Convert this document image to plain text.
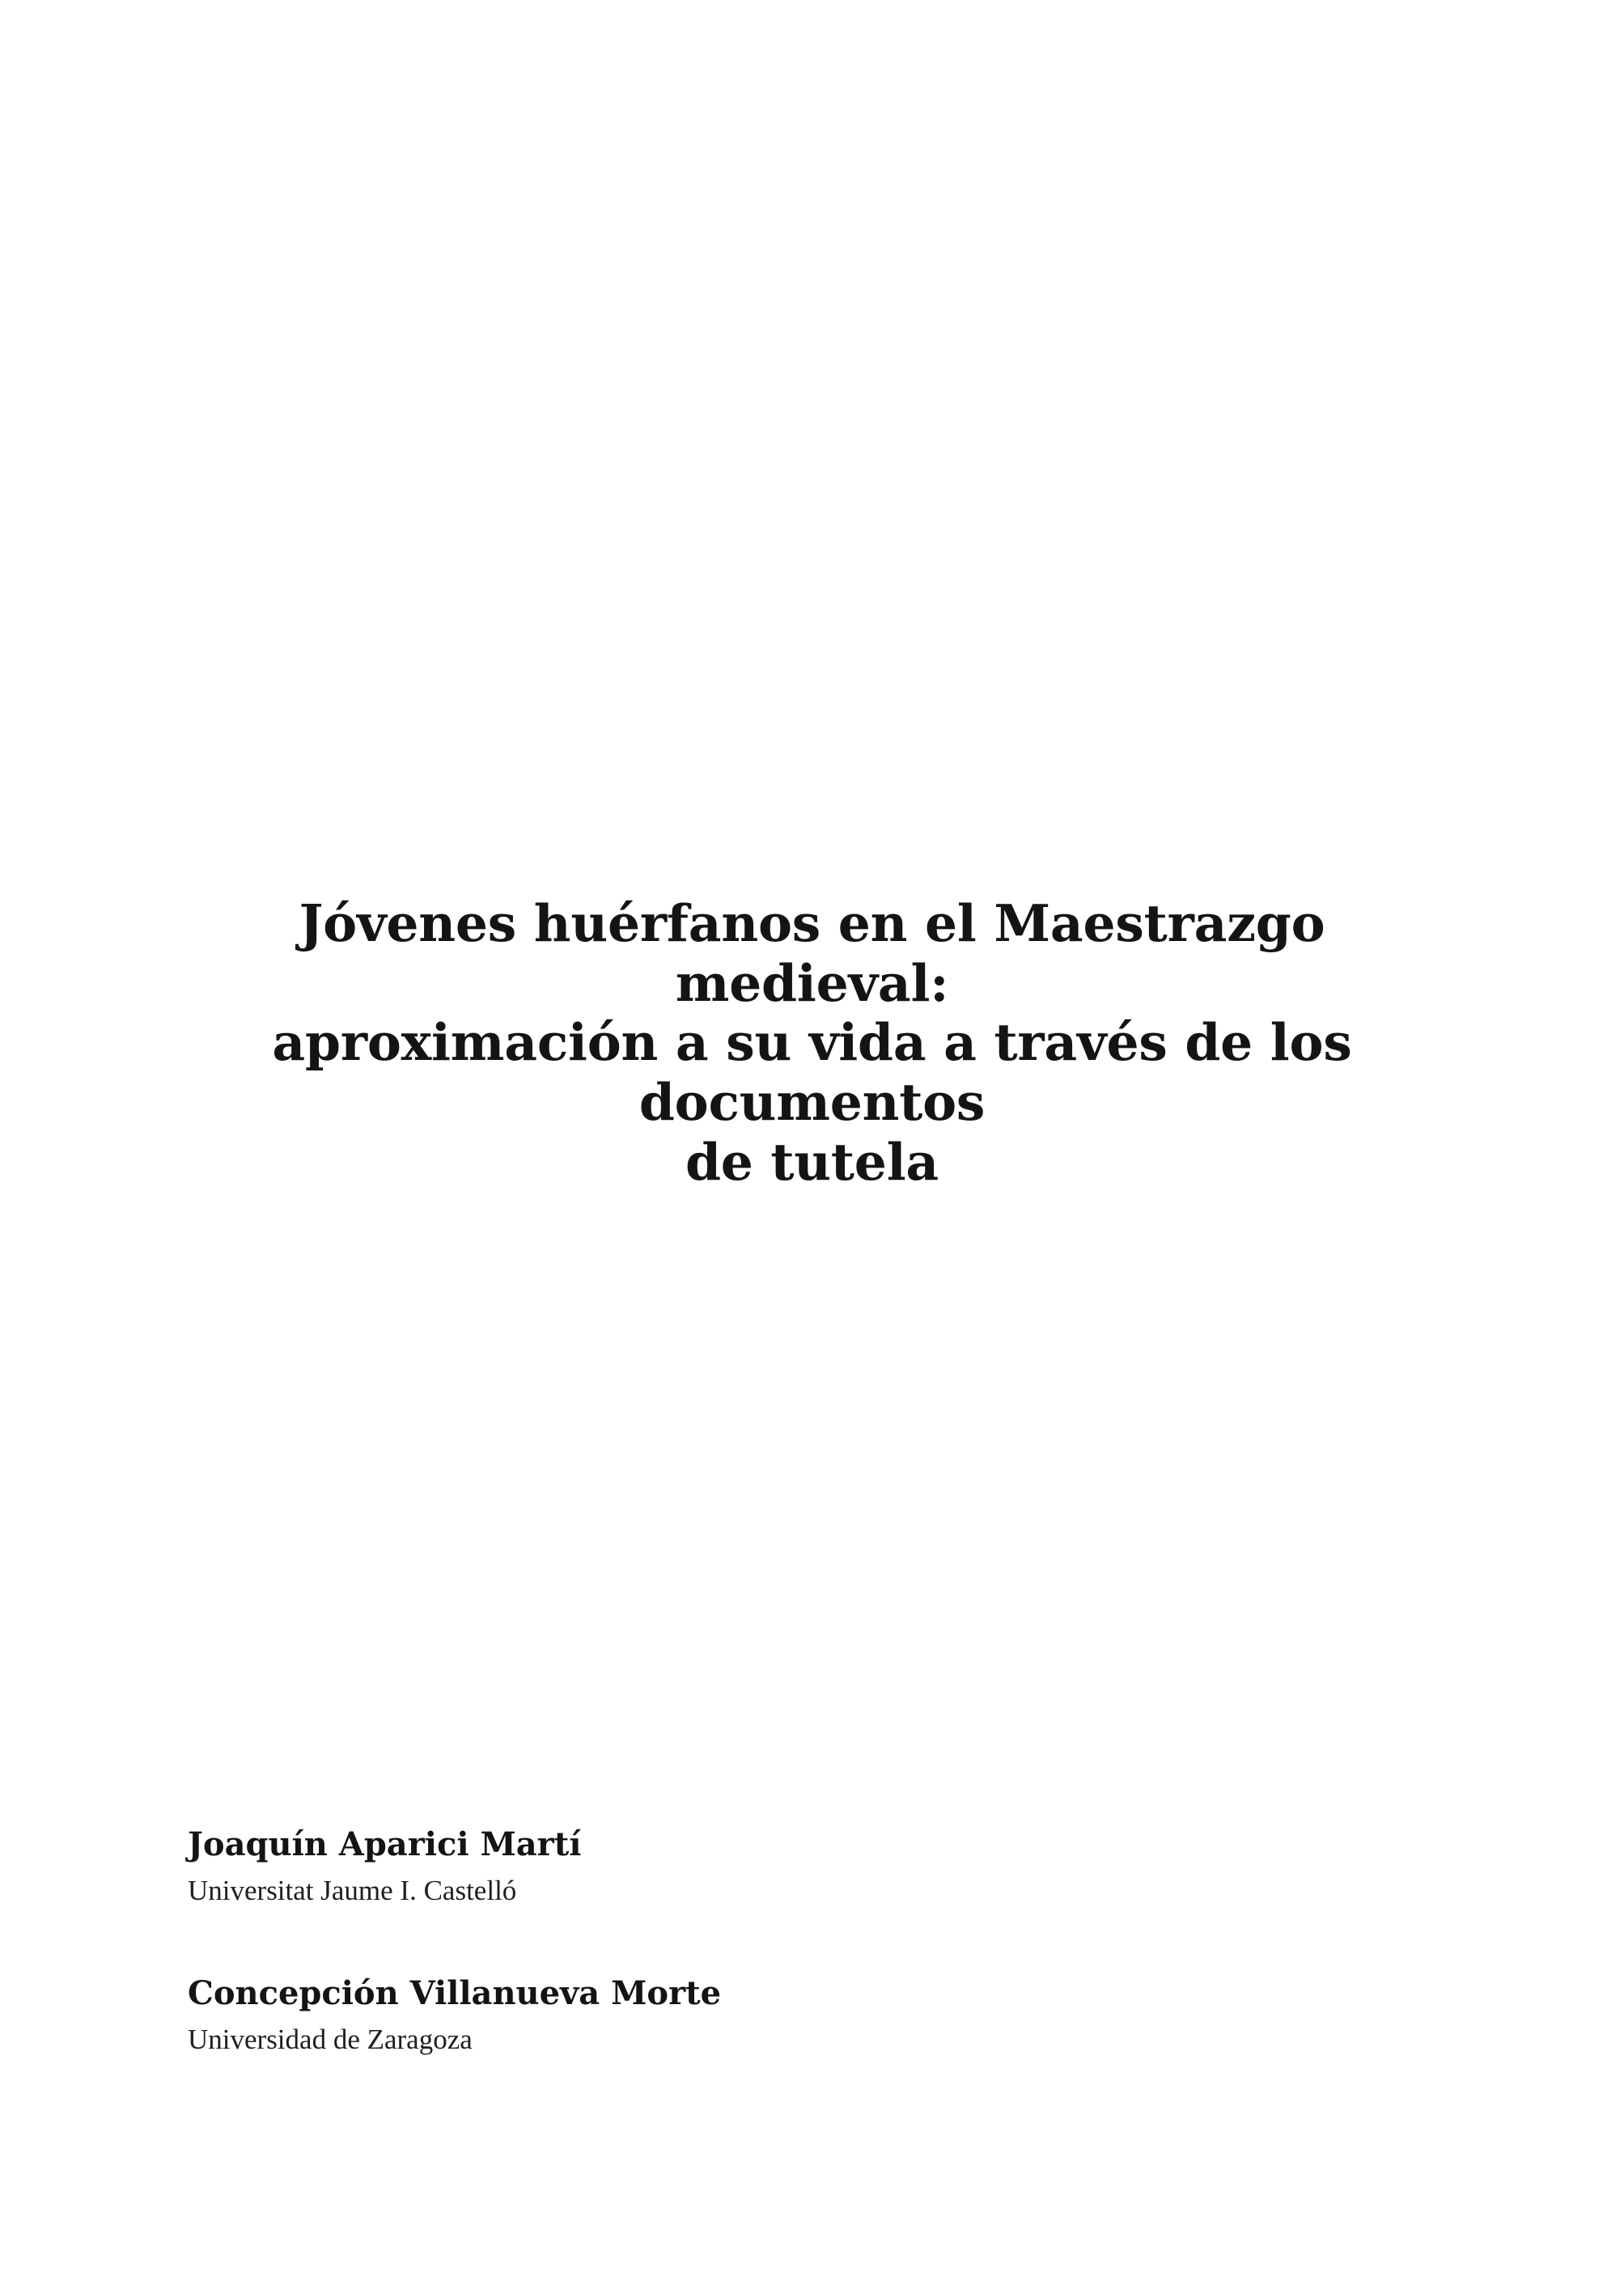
Jóvenes huérfanos en el Maestrazgo medieval:
aproximación a su vida a través de los documentos
de tutela
Joaquín Aparici Martí
Universitat Jaume I. Castelló
Concepción Villanueva Morte
Universidad de Zaragoza
